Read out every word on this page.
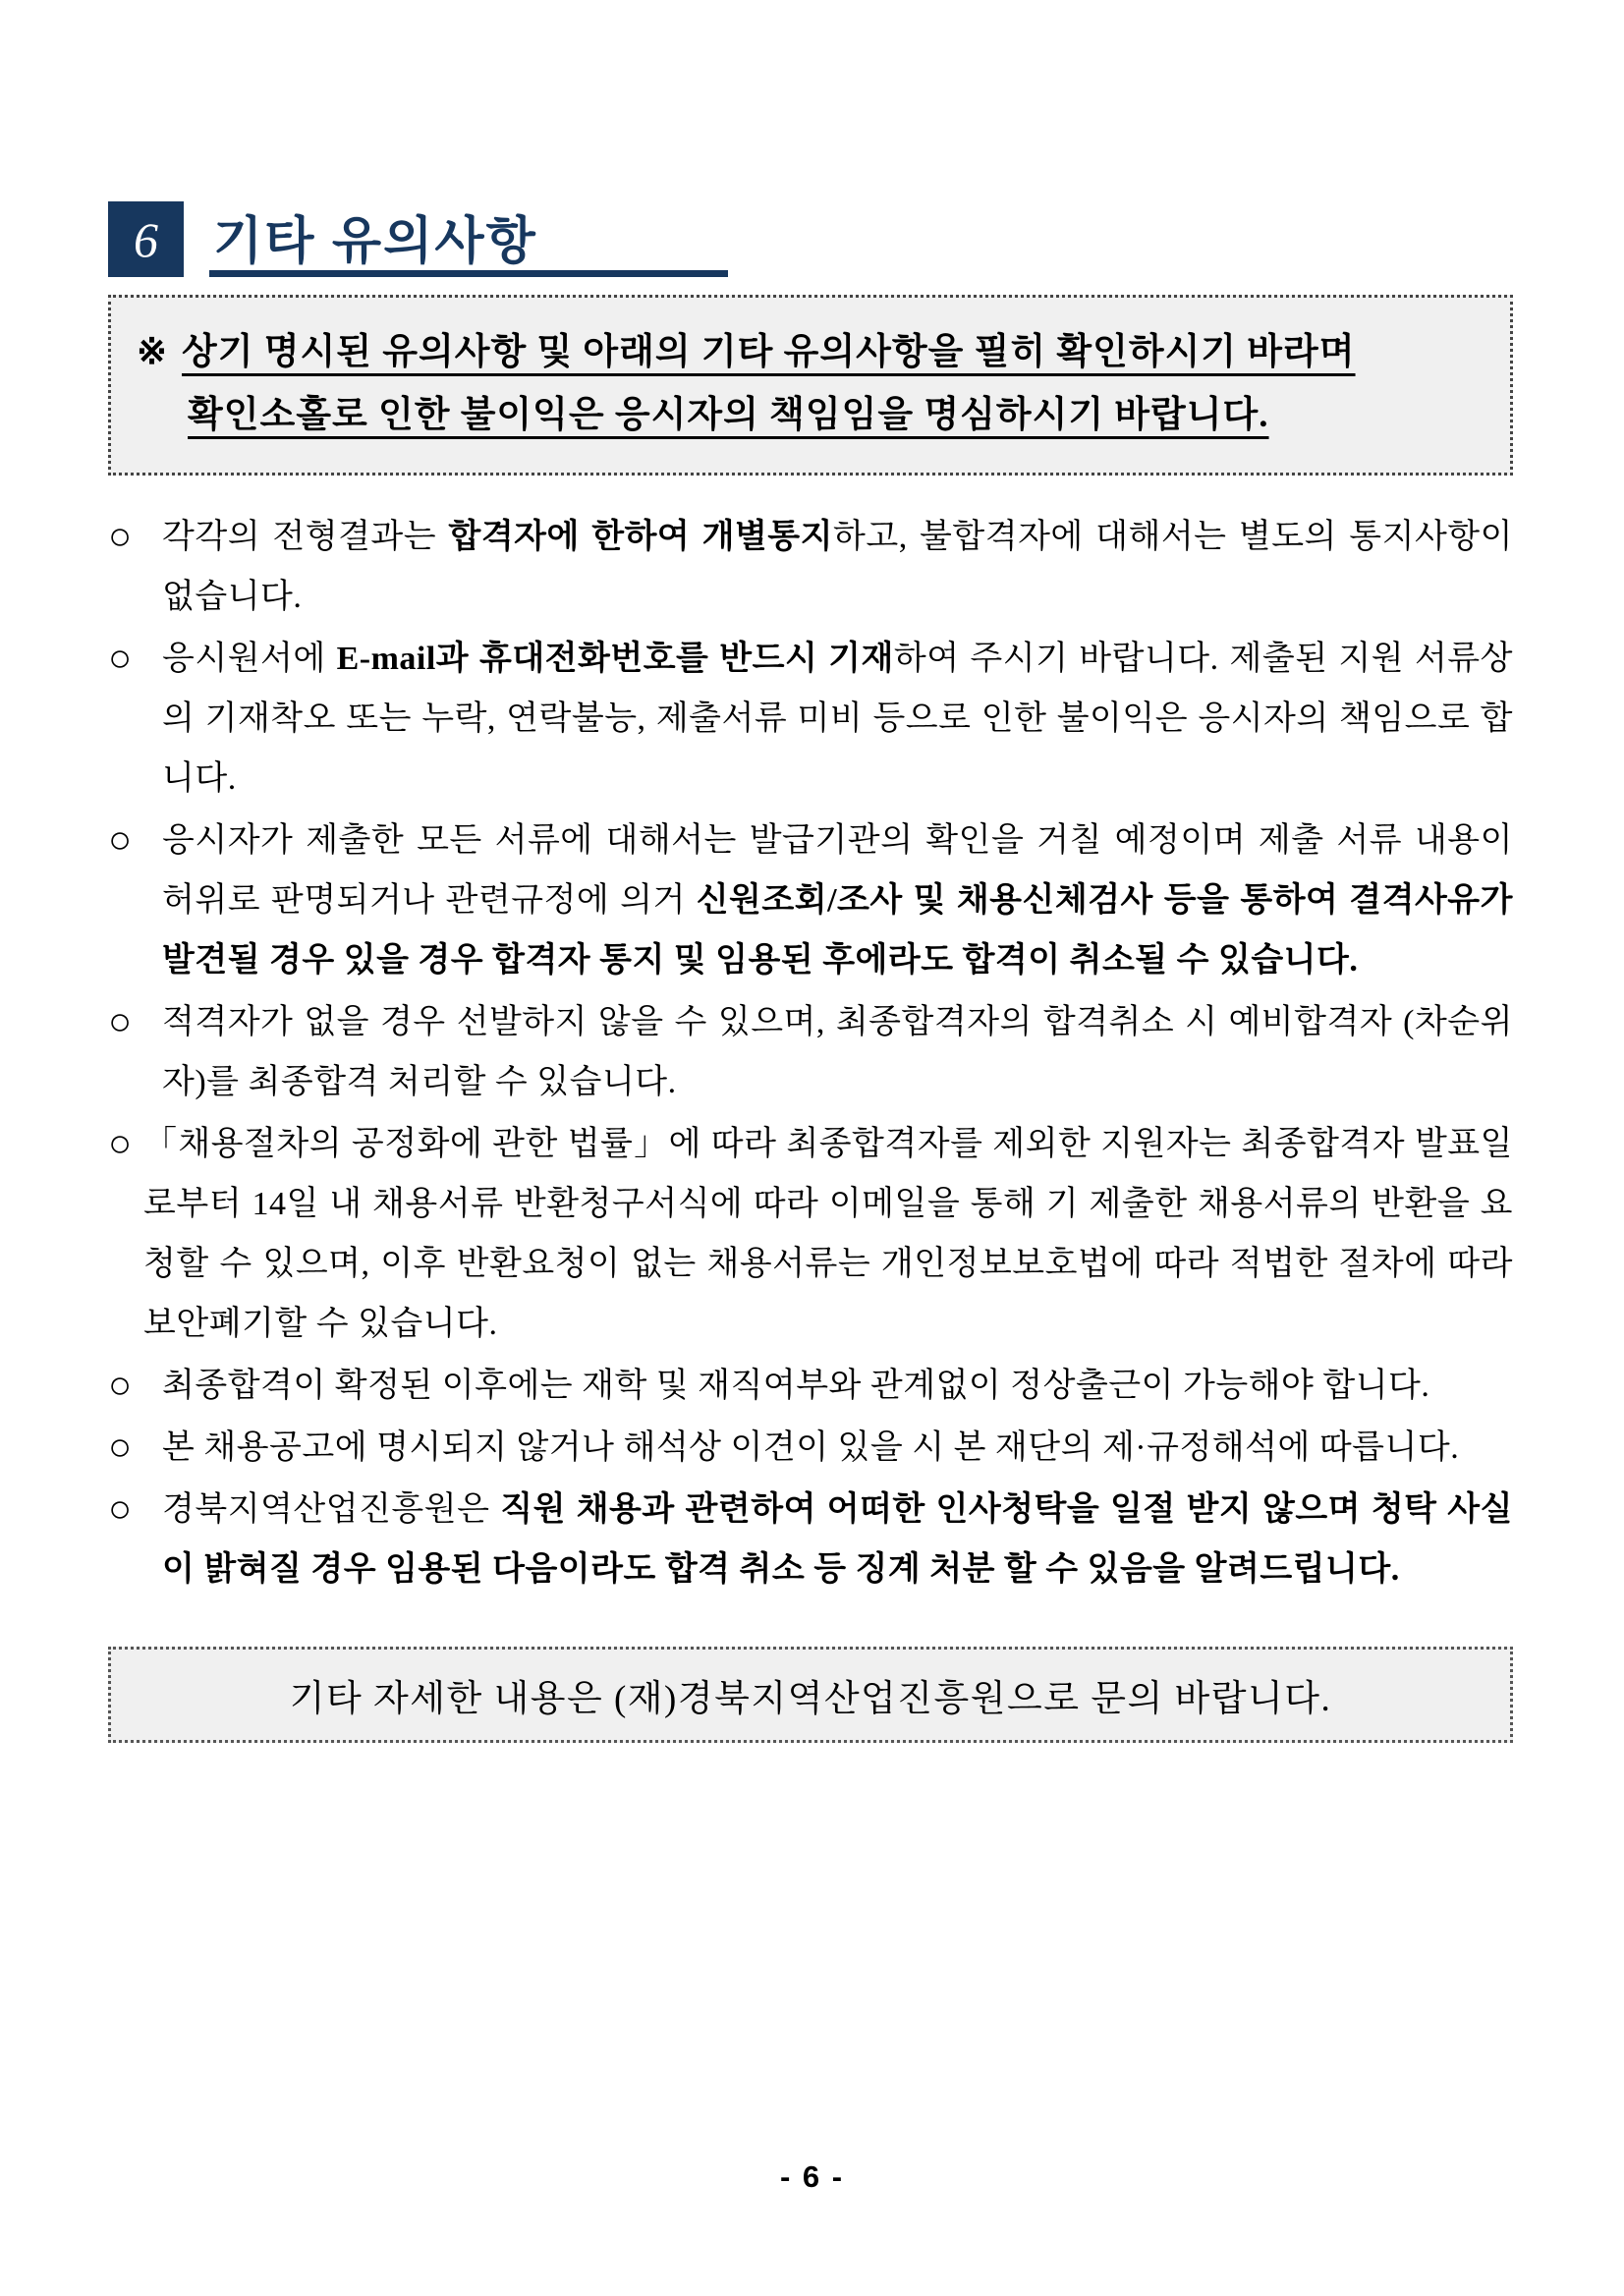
6	기타 유의사항
※ 상기 명시된 유의사항 및 아래의 기타 유의사항을 필히 확인하시기 바라며
확인소홀로 인한 불이익은 응시자의 책임임을 명심하시기 바랍니다.
○ 각각의 전형결과는 합격자에 한하여 개별통지하고, 불합격자에 대해서는 별도의 통지사항이 없습니다.
○ 응시원서에 E-mail과 휴대전화번호를 반드시 기재하여 주시기 바랍니다. 제출된 지원 서류상의 기재착오 또는 누락, 연락불능, 제출서류 미비 등으로 인한 불이익은 응시자의 책임으로 합니다.
○ 응시자가 제출한 모든 서류에 대해서는 발급기관의 확인을 거칠 예정이며 제출 서류 내용이 허위로 판명되거나 관련규정에 의거 신원조회/조사 및 채용신체검사 등을 통하여 결격사유가 발견될 경우 있을 경우 합격자 통지 및 임용된 후에라도 합격이 취소될 수 있습니다.
○ 적격자가 없을 경우 선발하지 않을 수 있으며, 최종합격자의 합격취소 시 예비합격자 (차순위자)를 최종합격 처리할 수 있습니다.
○ 「채용절차의 공정화에 관한 법률」에 따라 최종합격자를 제외한 지원자는 최종합격자 발표일로부터 14일 내 채용서류 반환청구서식에 따라 이메일을 통해 기 제출한 채용서류의 반환을 요청할 수 있으며, 이후 반환요청이 없는 채용서류는 개인정보보호법에 따라 적법한 절차에 따라 보안폐기할 수 있습니다.
○ 최종합격이 확정된 이후에는 재학 및 재직여부와 관계없이 정상출근이 가능해야 합니다.
○ 본 채용공고에 명시되지 않거나 해석상 이견이 있을 시 본 재단의 제·규정해석에 따릅니다.
○ 경북지역산업진흥원은 직원 채용과 관련하여 어떠한 인사청탁을 일절 받지 않으며 청탁 사실이 밝혀질 경우 임용된 다음이라도 합격 취소 등 징계 처분 할 수 있음을 알려드립니다.
기타 자세한 내용은 (재)경북지역산업진흥원으로 문의 바랍니다.
- 6 -
